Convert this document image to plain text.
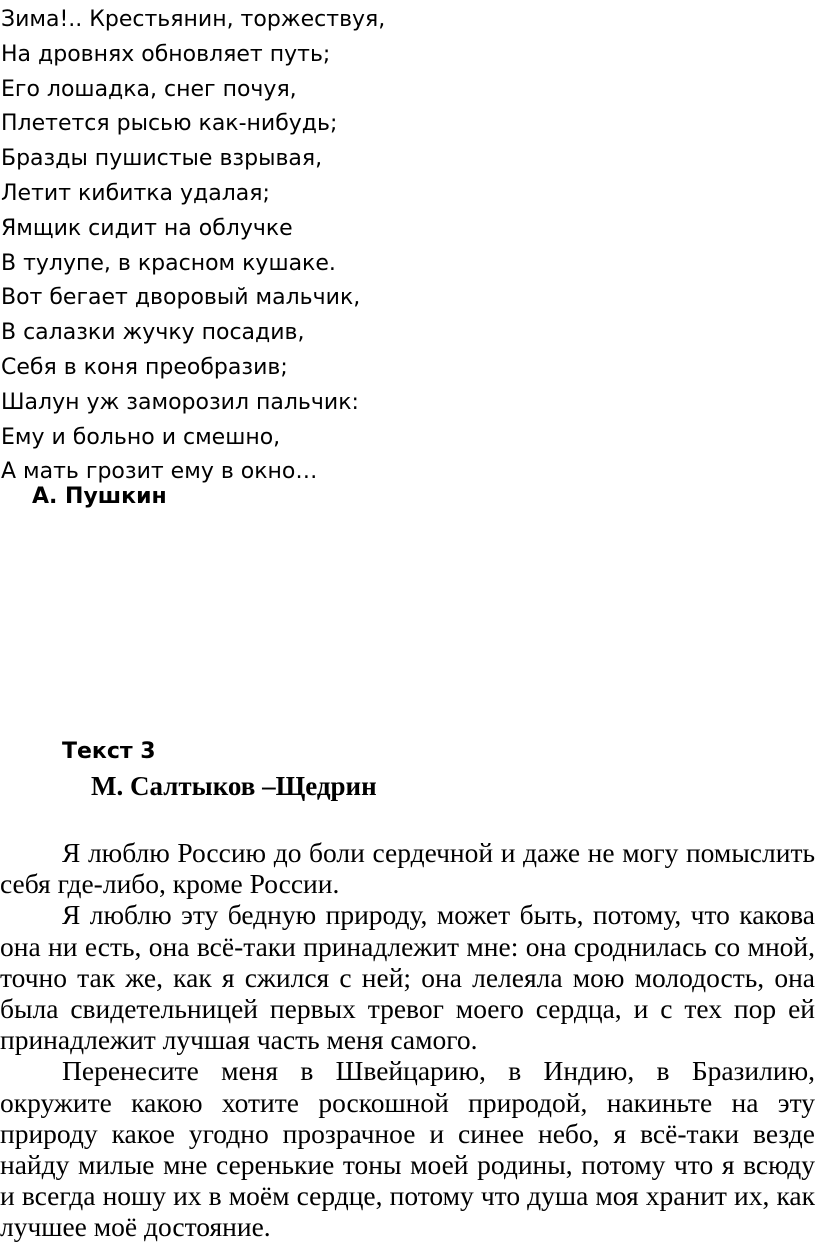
Зима!.. Крестьянин, торжествуя,
На дровнях обновляет путь;
Его лошадка, снег почуя,
Плетется рысью как-нибудь;
Бразды пушистые взрывая,
Летит кибитка удалая;
Ямщик сидит на облучке
В тулупе, в красном кушаке.
Вот бегает дворовый мальчик,
В салазки жучку посадив,
Себя в коня преобразив;
Шалун уж заморозил пальчик:
Ему и больно и смешно,
А мать грозит ему в окно…
А. Пушкин
Текст 3
М. Салтыков –Щедрин

Я люблю Россию до боли сердечной и даже не могу помыслить себя где-либо, кроме России.

Я люблю эту бедную природу, может быть, потому, что какова она ни есть, она всё-таки принадлежит мне: она сроднилась со мной, точно так же, как я сжился с ней; она лелеяла мою молодость, она была свидетельницей первых тревог моего сердца, и с тех пор ей принадлежит лучшая часть меня самого.

Перенесите меня в Швейцарию, в Индию, в Бразилию, окружите какою хотите роскошной природой, накиньте на эту природу какое угодно прозрачное и синее небо, я всё-таки везде найду милые мне серенькие тоны моей родины, потому что я всюду и всегда ношу их в моём сердце, потому что душа моя хранит их, как лучшее моё достояние.
